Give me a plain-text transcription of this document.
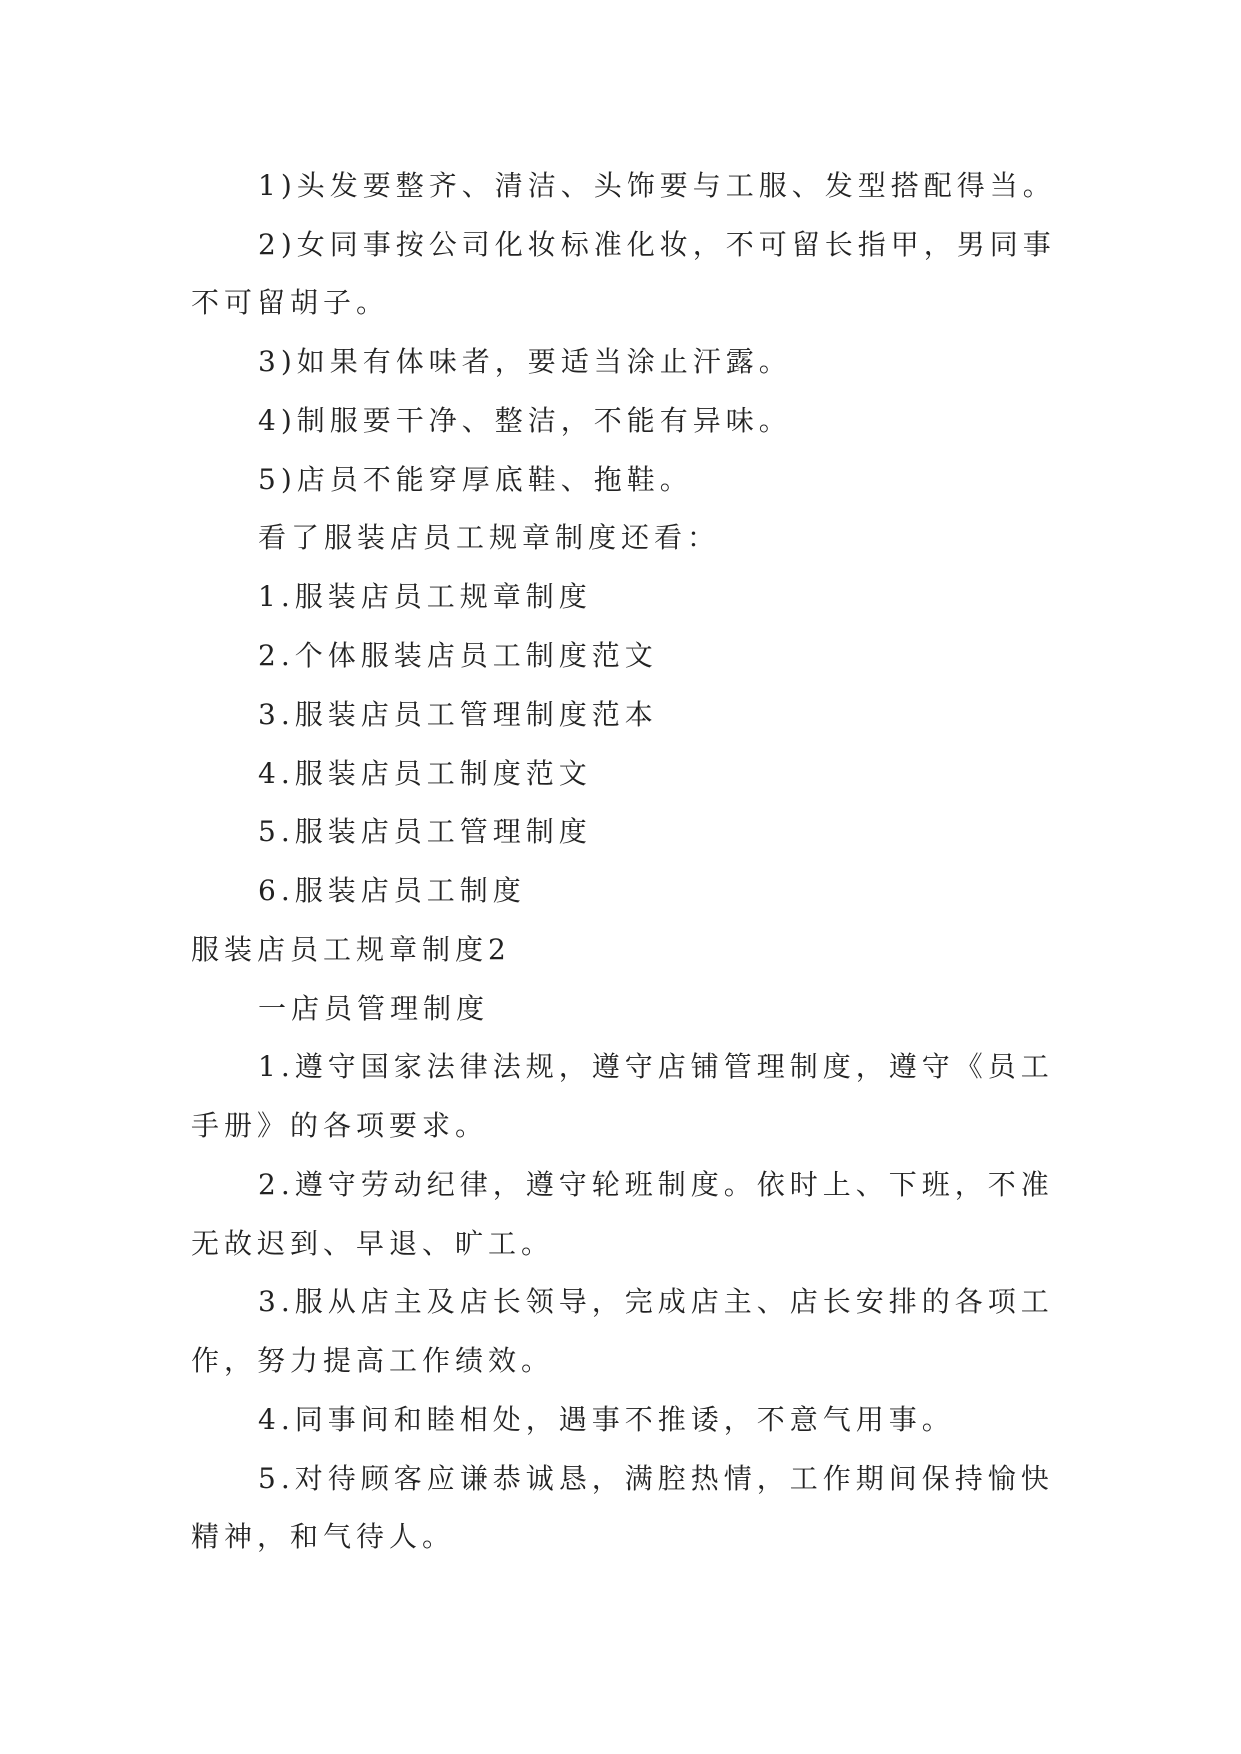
1)头发要整齐、清洁、头饰要与工服、发型搭配得当。
2)女同事按公司化妆标准化妆，不可留长指甲，男同事
不可留胡子。
3)如果有体味者，要适当涂止汗露。
4)制服要干净、整洁，不能有异味。
5)店员不能穿厚底鞋、拖鞋。
看了服装店员工规章制度还看：
1.服装店员工规章制度
2.个体服装店员工制度范文
3.服装店员工管理制度范本
4.服装店员工制度范文
5.服装店员工管理制度
6.服装店员工制度
服装店员工规章制度2
一店员管理制度
1.遵守国家法律法规，遵守店铺管理制度，遵守《员工
手册》的各项要求。
2.遵守劳动纪律，遵守轮班制度。依时上、下班，不准
无故迟到、早退、旷工。
3.服从店主及店长领导，完成店主、店长安排的各项工
作，努力提高工作绩效。
4.同事间和睦相处，遇事不推诿，不意气用事。
5.对待顾客应谦恭诚恳，满腔热情，工作期间保持愉快
精神，和气待人。
